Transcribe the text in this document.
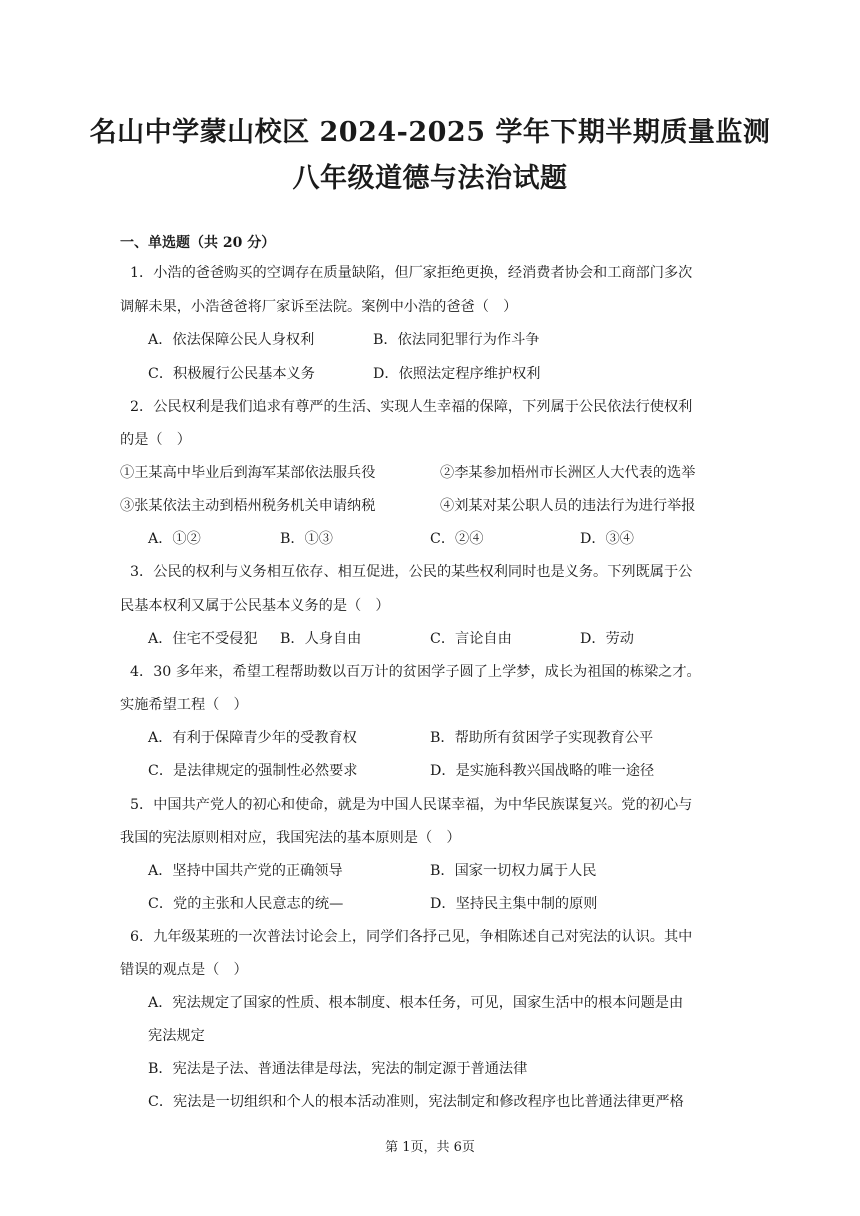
名山中学蒙山校区 2024-2025 学年下期半期质量监测
八年级道德与法治试题
一、单选题（共 20 分）
1．小浩的爸爸购买的空调存在质量缺陷，但厂家拒绝更换，经消费者协会和工商部门多次
调解未果，小浩爸爸将厂家诉至法院。案例中小浩的爸爸（　）
A．依法保障公民人身权利	B．依法同犯罪行为作斗争
C．积极履行公民基本义务	D．依照法定程序维护权利
2．公民权利是我们追求有尊严的生活、实现人生幸福的保障，下列属于公民依法行使权利
的是（　）
①王某高中毕业后到海军某部依法服兵役	②李某参加梧州市长洲区人大代表的选举
③张某依法主动到梧州税务机关申请纳税	④刘某对某公职人员的违法行为进行举报
A．①②	B．①③	C．②④	D．③④
3．公民的权利与义务相互依存、相互促进，公民的某些权利同时也是义务。下列既属于公
民基本权利又属于公民基本义务的是（　）
A．住宅不受侵犯 B．人身自由	C．言论自由	D．劳动
4．30 多年来，希望工程帮助数以百万计的贫困学子圆了上学梦，成长为祖国的栋梁之才。
实施希望工程（　）
A．有利于保障青少年的受教育权	B．帮助所有贫困学子实现教育公平
C．是法律规定的强制性必然要求	D．是实施科教兴国战略的唯一途径
5．中国共产党人的初心和使命，就是为中国人民谋幸福，为中华民族谋复兴。党的初心与
我国的宪法原则相对应，我国宪法的基本原则是（　）
A．坚持中国共产党的正确领导	B．国家一切权力属于人民
C．党的主张和人民意志的统—	D．坚持民主集中制的原则
6．九年级某班的一次普法讨论会上，同学们各抒己见，争相陈述自己对宪法的认识。其中
错误的观点是（　）
A．宪法规定了国家的性质、根本制度、根本任务，可见，国家生活中的根本问题是由
宪法规定
B．宪法是子法、普通法律是母法，宪法的制定源于普通法律
C．宪法是一切组织和个人的根本活动准则，宪法制定和修改程序也比普通法律更严格
第 1页，共 6页
